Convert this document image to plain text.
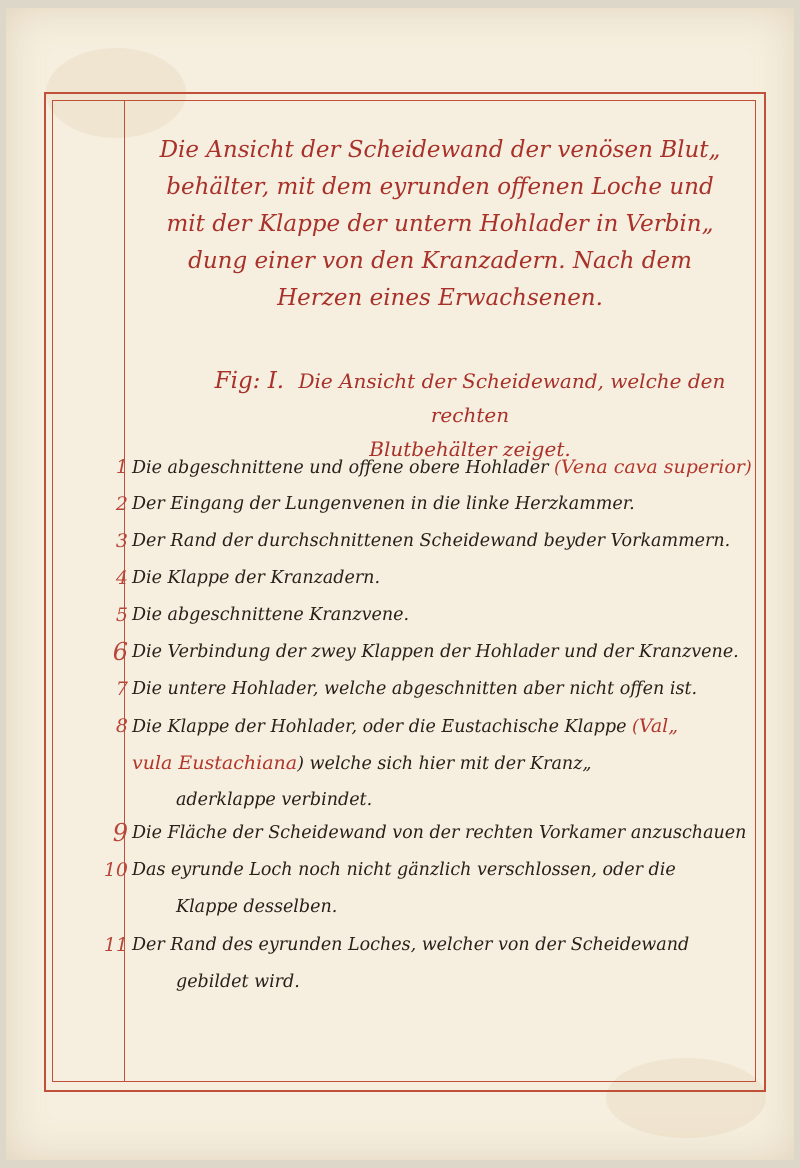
Die Ansicht der Scheidewand der venösen Blut„
behälter, mit dem eyrunden offenen Loche und
mit der Klappe der untern Hohlader in Verbin„
dung einer von den Kranzadern. Nach dem
Herzen eines Erwachsenen.
Fig: I. Die Ansicht der Scheidewand, welche den rechten
Blutbehälter zeiget.
1 Die abgeschnittene und offene obere Hohlader (Vena cava superior)
2 Der Eingang der Lungenvenen in die linke Herzkammer.
3 Der Rand der durchschnittenen Scheidewand beyder Vorkammern.
4 Die Klappe der Kranzadern.
5 Die abgeschnittene Kranzvene.
6 Die Verbindung der zwey Klappen der Hohlader und der Kranzvene.
7 Die untere Hohlader, welche abgeschnitten aber nicht offen ist.
8 Die Klappe der Hohlader, oder die Eustachische Klappe (Val„
vula Eustachiana) welche sich hier mit der Kranz„
aderklappe verbindet.
9 Die Fläche der Scheidewand von der rechten Vorkamer anzuschauen
10 Das eyrunde Loch noch nicht gänzlich verschlossen, oder die
Klappe desselben.
11 Der Rand des eyrunden Loches, welcher von der Scheidewand
gebildet wird.
